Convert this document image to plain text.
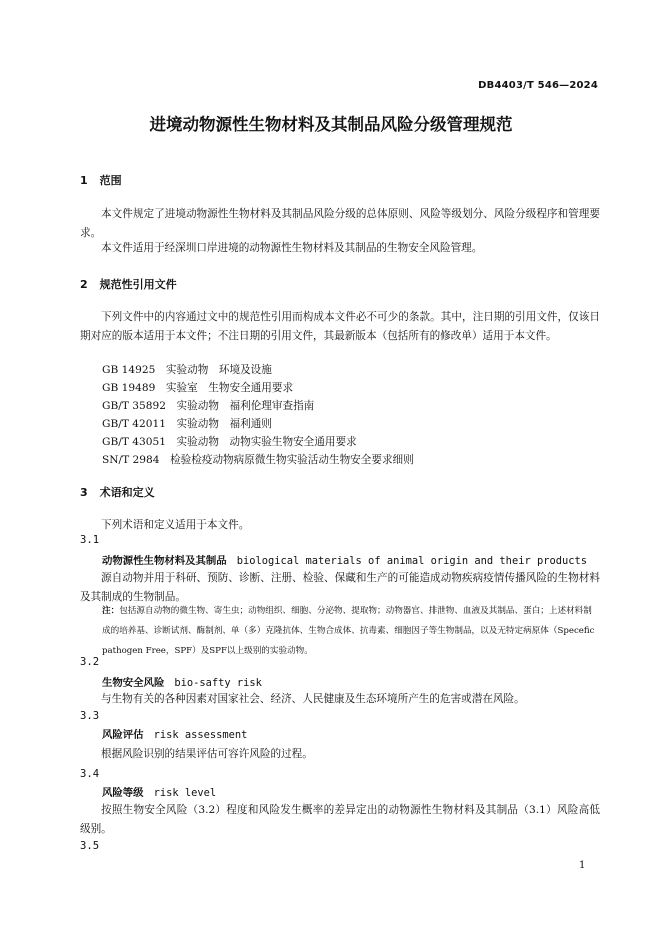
DB4403/T 546—2024
进境动物源性生物材料及其制品风险分级管理规范
1 范围
本文件规定了进境动物源性生物材料及其制品风险分级的总体原则、风险等级划分、风险分级程序和管理要求。
本文件适用于经深圳口岸进境的动物源性生物材料及其制品的生物安全风险管理。
2 规范性引用文件
下列文件中的内容通过文中的规范性引用而构成本文件必不可少的条款。其中，注日期的引用文件，仅该日期对应的版本适用于本文件；不注日期的引用文件，其最新版本（包括所有的修改单）适用于本文件。
GB 14925　实验动物　环境及设施
GB 19489　实验室　生物安全通用要求
GB/T 35892　实验动物　福利伦理审查指南
GB/T 42011　实验动物　福利通则
GB/T 43051　实验动物　动物实验生物安全通用要求
SN/T 2984　检验检疫动物病原微生物实验活动生物安全要求细则
3 术语和定义
下列术语和定义适用于本文件。
3.1
动物源性生物材料及其制品 biological materials of animal origin and their products
源自动物并用于科研、预防、诊断、注册、检验、保藏和生产的可能造成动物疾病疫情传播风险的生物材料及其制成的生物制品。
注：包括源自动物的微生物、寄生虫；动物组织、细胞、分泌物、提取物；动物器官、排泄物、血液及其制品、蛋白；上述材料制成的培养基、诊断试剂、酶制剂、单（多）克隆抗体、生物合成体、抗毒素、细胞因子等生物制品，以及无特定病原体（Specefic pathogen Free，SPF）及SPF以上级别的实验动物。
3.2
生物安全风险 bio-safty risk
与生物有关的各种因素对国家社会、经济、人民健康及生态环境所产生的危害或潜在风险。
3.3
风险评估 risk assessment
根据风险识别的结果评估可容许风险的过程。
3.4
风险等级 risk level
按照生物安全风险（3.2）程度和风险发生概率的差异定出的动物源性生物材料及其制品（3.1）风险高低级别。
3.5
1
